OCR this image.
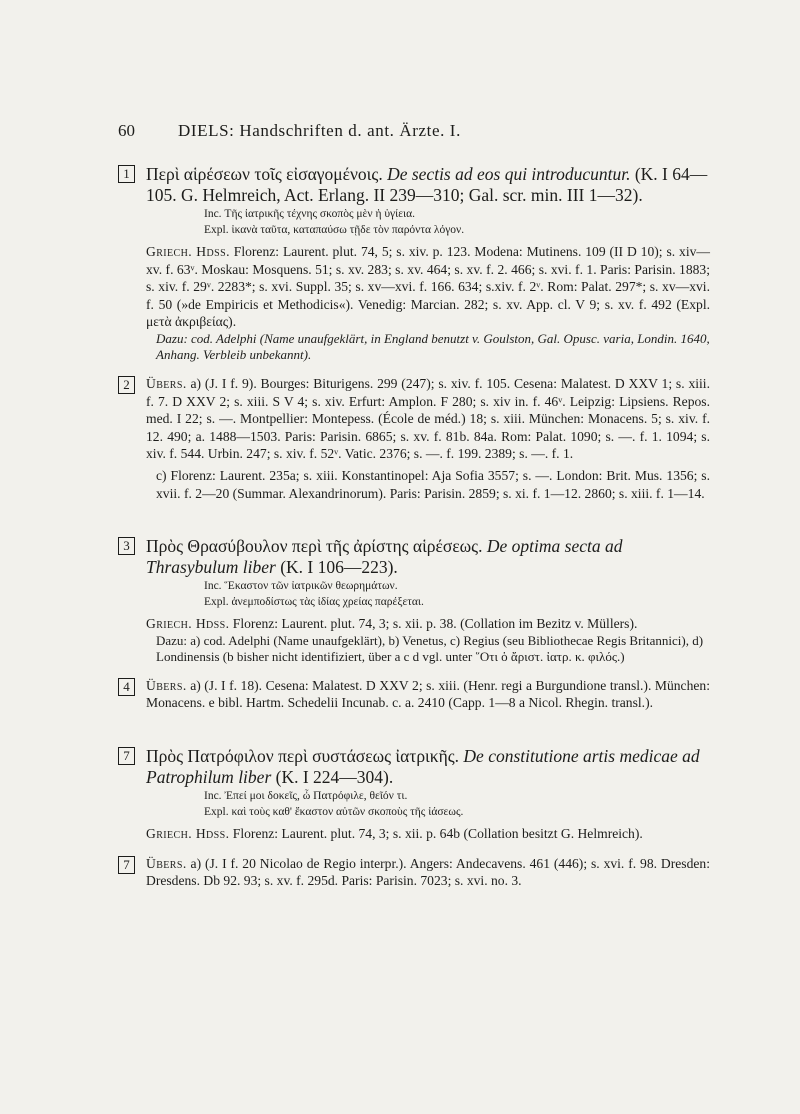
60	DIELS: Handschriften d. ant. Ärzte. I.
1 Περὶ αἱρέσεων τοῖς εἰσαγομένοις. De sectis ad eos qui introducuntur. (K. I 64—105. G. Helmreich, Act. Erlang. II 239—310; Gal. scr. min. III 1—32).
Inc. Τῆς ἰατρικῆς τέχνης σκοπὸς μὲν ἡ ὑγίεια.
Expl. ἱκανὰ ταῦτα, καταπαύσω τῇδε τὸν παρόντα λόγον.
Griech. Hdss. Florenz: Laurent. plut. 74, 5; s. xiv. p. 123. Modena: Mutinens. 109 (II D 10); s. xiv—xv. f. 63ᵛ. Moskau: Mosquens. 51; s. xv. 283; s. xv. 464; s. xv. f. 2. 466; s. xvi. f. 1. Paris: Parisin. 1883; s. xiv. f. 29ᵛ. 2283*; s. xvi. Suppl. 35; s. xv—xvi. f. 166. 634; s.xiv. f. 2ᵛ. Rom: Palat. 297*; s. xv—xvi. f. 50 (»de Empiricis et Methodicis«). Venedig: Marcian. 282; s. xv. App. cl. V 9; s. xv. f. 492 (Expl. μετὰ ἀκριβείας).
Dazu: cod. Adelphi (Name unaufgeklärt, in England benutzt v. Goulston, Gal. Opusc. varia, Londin. 1640, Anhang. Verbleib unbekannt).
2	Übers. a) (J. I f. 9). Bourges: Biturigens. 299 (247); s. xiv. f. 105. Cesena: Malatest. D XXV 1; s. xiii. f. 7. D XXV 2; s. xiii. S V 4; s. xiv. Erfurt: Amplon. F 280; s. xiv in. f. 46ᵛ. Leipzig: Lipsiens. Repos. med. I 22; s. —. Montpellier: Montepess. (École de méd.) 18; s. xiii. München: Monacens. 5; s. xiv. f. 12. 490; a. 1488—1503. Paris: Parisin. 6865; s. xv. f. 81b. 84a. Rom: Palat. 1090; s. —. f. 1. 1094; s. xiv. f. 544. Urbin. 247; s. xiv. f. 52ᵛ. Vatic. 2376; s. —. f. 199. 2389; s. —. f. 1.
c) Florenz: Laurent. 235a; s. xiii. Konstantinopel: Aja Sofia 3557; s. —. London: Brit. Mus. 1356; s. xvii. f. 2—20 (Summar. Alexandrinorum). Paris: Parisin. 2859; s. xi. f. 1—12. 2860; s. xiii. f. 1—14.
3 Πρὸς Θρασύβουλον περὶ τῆς ἀρίστης αἱρέσεως. De optima secta ad Thrasybulum liber (K. I 106—223).
Inc. Ἕκαστον τῶν ἰατρικῶν θεωρημάτων.
Expl. ἀνεμποδίστως τὰς ἰδίας χρείας παρέξεται.
Griech. Hdss. Florenz: Laurent. plut. 74, 3; s. xii. p. 38. (Collation im Bezitz v. Müllers).
Dazu: a) cod. Adelphi (Name unaufgeklärt), b) Venetus, c) Regius (seu Bibliothecae Regis Britannici), d) Londinensis (b bisher nicht identifiziert, über a c d vgl. unter ῞Οτι ὁ ἄριστ. ἰατρ. κ. φιλός.)
4	Übers. a) (J. I f. 18). Cesena: Malatest. D XXV 2; s. xiii. (Henr. regi a Burgundione transl.). München: Monacens. e bibl. Hartm. Schedelii Incunab. c. a. 2410 (Capp. 1—8 a Nicol. Rhegin. transl.).
7 Πρὸς Πατρόφιλον περὶ συστάσεως ἰατρικῆς. De constitutione artis medicae ad Patrophilum liber (K. I 224—304).
Inc. Ἐπεί μοι δοκεῖς, ὦ Πατρόφιλε, θεῖόν τι.
Expl. καὶ τοὺς καθ' ἕκαστον αὐτῶν σκοποὺς τῆς ἰάσεως.
Griech. Hdss. Florenz: Laurent. plut. 74, 3; s. xii. p. 64b (Collation besitzt G. Helmreich).
7	Übers. a) (J. I f. 20 Nicolao de Regio interpr.). Angers: Andecavens. 461 (446); s. xvi. f. 98. Dresden: Dresdens. Db 92. 93; s. xv. f. 295d. Paris: Parisin. 7023; s. xvi. no. 3.
